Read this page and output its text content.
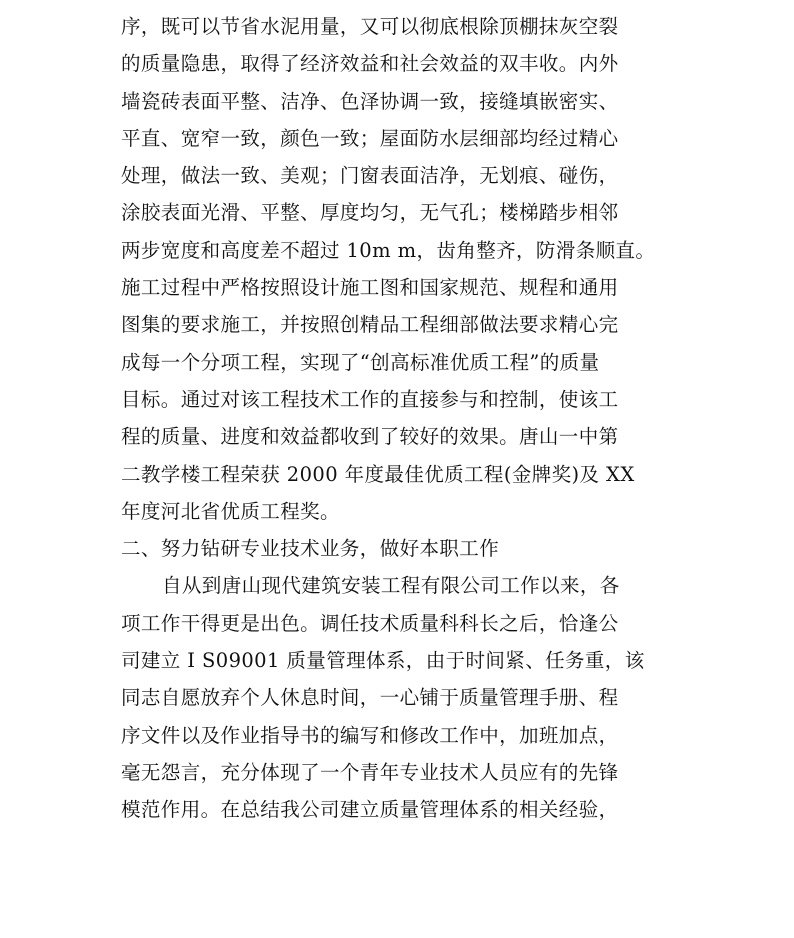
序，既可以节省水泥用量，又可以彻底根除顶棚抹灰空裂
的质量隐患，取得了经济效益和社会效益的双丰收。内外
墙瓷砖表面平整、洁净、色泽协调一致，接缝填嵌密实、
平直、宽窄一致，颜色一致；屋面防水层细部均经过精心
处理，做法一致、美观；门窗表面洁净，无划痕、碰伤，
涂胶表面光滑、平整、厚度均匀，无气孔；楼梯踏步相邻
两步宽度和高度差不超过 10m m，齿角整齐，防滑条顺直。
施工过程中严格按照设计施工图和国家规范、规程和通用
图集的要求施工，并按照创精品工程细部做法要求精心完
成每一个分项工程，实现了“创高标准优质工程”的质量
目标。通过对该工程技术工作的直接参与和控制，使该工
程的质量、进度和效益都收到了较好的效果。唐山一中第
二教学楼工程荣获 2000 年度最佳优质工程(金牌奖)及 XX
年度河北省优质工程奖。
二、努力钻研专业技术业务，做好本职工作
自从到唐山现代建筑安装工程有限公司工作以来，各
项工作干得更是出色。调任技术质量科科长之后，恰逢公
司建立 I S09001 质量管理体系，由于时间紧、任务重，该
同志自愿放弃个人休息时间，一心铺于质量管理手册、程
序文件以及作业指导书的编写和修改工作中，加班加点，
毫无怨言，充分体现了一个青年专业技术人员应有的先锋
模范作用。在总结我公司建立质量管理体系的相关经验，
